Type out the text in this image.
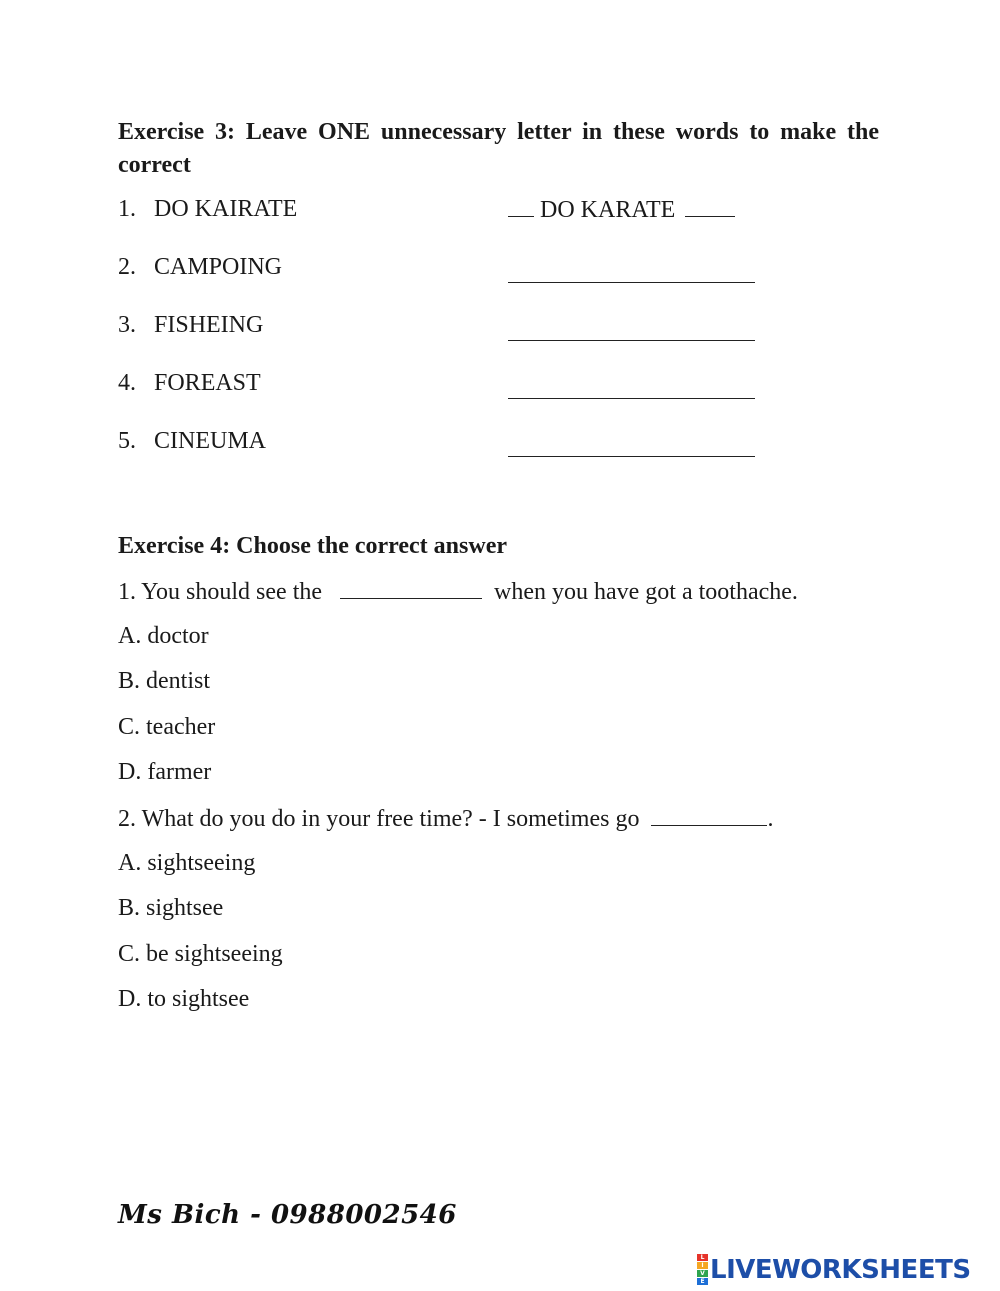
Exercise 3: Leave ONE unnecessary letter in these words to make the correct
1. DO KAIRATE	DO KARATE
2. CAMPOING
3. FISHEING
4. FOREAST
5. CINEUMA
Exercise 4: Choose the correct answer
1. You should see the	when you have got a toothache.
A. doctor
B. dentist
C. teacher
D. farmer
2. What do you do in your free time? - I sometimes go	.
A. sightseeing
B. sightsee
C. be sightseeing
D. to sightsee
Ms Bich - 0988002546
L
I
V
E LIVEWORKSHEETS
